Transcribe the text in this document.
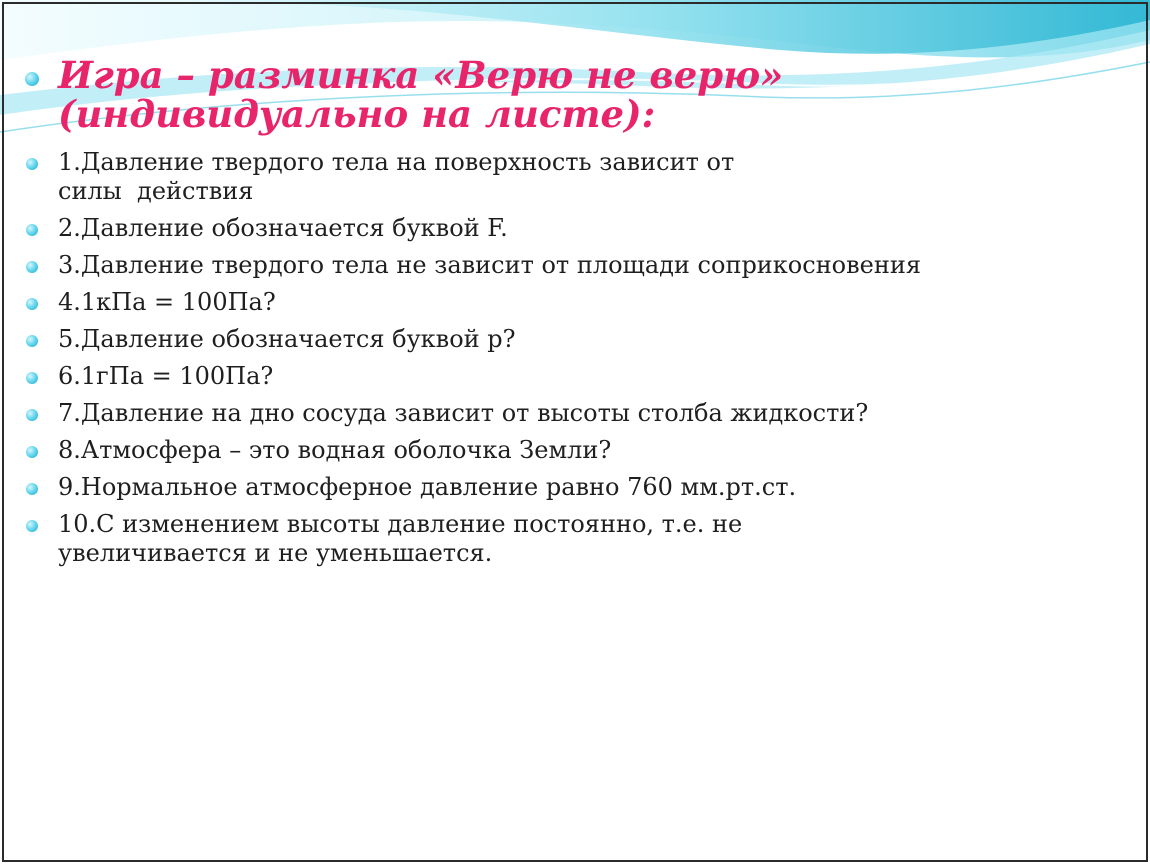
Игра – разминка «Верю не верю»
(индивидуально на листе):
1.Давление твердого тела на поверхность зависит от
силы  действия
2.Давление обозначается буквой F.
3.Давление твердого тела не зависит от площади соприкосновения
4.1кПа = 100Па?
5.Давление обозначается буквой p?
6.1гПа = 100Па?
7.Давление на дно сосуда зависит от высоты столба жидкости?
8.Атмосфера – это водная оболочка Земли?
9.Нормальное атмосферное давление равно 760 мм.рт.ст.
10.С изменением высоты давление постоянно, т.е. не
увеличивается и не уменьшается.
